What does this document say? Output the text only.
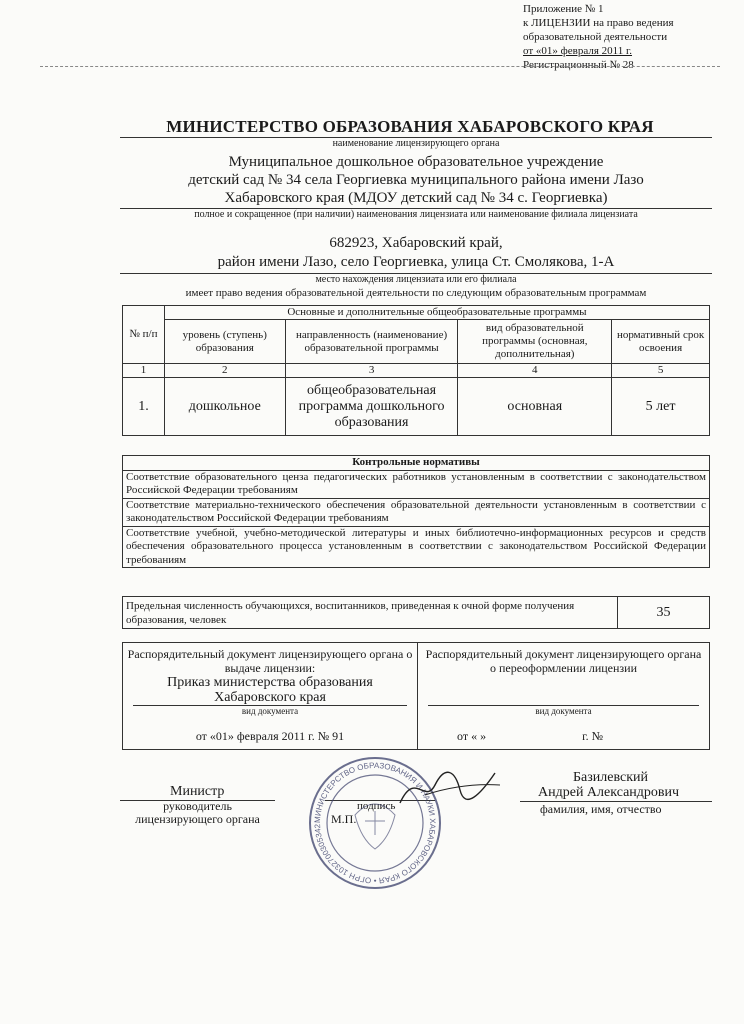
Приложение № 1
к ЛИЦЕНЗИИ на право ведения
образовательной деятельности
от «01» февраля 2011 г.
Регистрационный № 28
МИНИСТЕРСТВО ОБРАЗОВАНИЯ ХАБАРОВСКОГО КРАЯ
наименование лицензирующего органа
Муниципальное дошкольное образовательное учреждение
детский сад № 34 села Георгиевка муниципального района имени Лазо
Хабаровского края (МДОУ детский сад № 34 с. Георгиевка)
полное и сокращенное (при наличии) наименования лицензиата или наименование филиала лицензиата
682923, Хабаровский край,
район имени Лазо, село Георгиевка, улица Ст. Смолякова, 1-А
место нахождения лицензиата или его филиала
имеет право ведения образовательной деятельности по следующим образовательным программам
№ п/п	Основные и дополнительные общеобразовательные программы			
	уровень (ступень) образования	направленность (наименование) образовательной программы	вид образовательной программы (основная, дополнительная)	нормативный срок освоения
1	2	3	4	5
1.	дошкольное	общеобразовательная программа дошкольного образования	основная	5 лет
Контрольные нормативы
Соответствие образовательного ценза педагогических работников установленным в соответствии с законодательством Российской Федерации требованиям
Соответствие материально-технического обеспечения образовательной деятельности установленным в соответствии с законодательством Российской Федерации требованиям
Соответствие учебной, учебно-методической литературы и иных библиотечно-информационных ресурсов и средств обеспечения образовательного процесса установленным в соответствии с законодательством Российской Федерации требованиям
Предельная численность обучающихся, воспитанников, приведенная к очной форме получения образования, человек	35
Распорядительный документ лицензирующего органа о выдаче лицензии:
Приказ министерства образования
Хабаровского края
вид документа
от «01» февраля 2011 г. № 91

Распорядительный документ лицензирующего органа о переоформлении лицензии
вид документа
от « »	г. №
Министр
руководитель лицензирующего органа
подпись
М.П.
Базилевский
Андрей Александрович
фамилия, имя, отчество
МИНИСТЕРСТВО ОБРАЗОВАНИЯ И НАУКИ ХАБАРОВСКОГО КРАЯ • ОГРН 1032700305342
